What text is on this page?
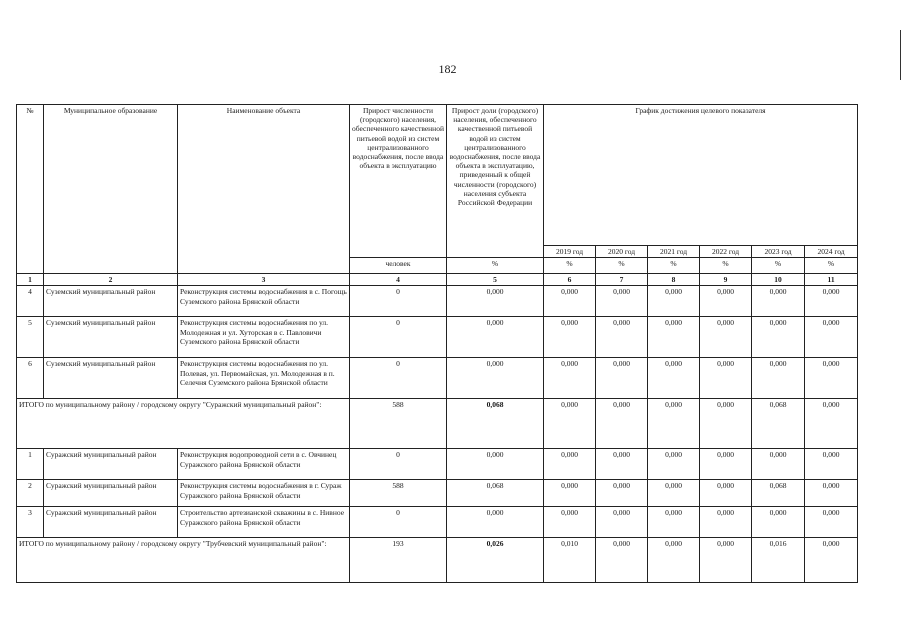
182
№	Муниципальное образование	Наименование объекта	Прирост численности (городского) населения, обеспеченного качественной питьевой водой из систем централизованного водоснабжения, после ввода объекта в эксплуатацию	Прирост доли (городского) населения, обеспеченного качественной питьевой водой из систем централизованного водоснабжения, после ввода объекта в эксплуатацию, приведенный к общей численности (городского) населения субъекта Российской Федерации	График достижения целевого показателя					
					2019 год	2020 год	2021 год	2022 год	2023 год	2024 год
			человек	%	%	%	%	%	%	%
1	2	3	4	5	6	7	8	9	10	11
4	Суземский муниципальный район	Реконструкция системы водоснабжения в с. Погощь Суземского района Брянской области	0	0,000	0,000	0,000	0,000	0,000	0,000	0,000
5	Суземский муниципальный район	Реконструкция системы водоснабжения по ул. Молодежная и ул. Хуторская в с. Павловичи Суземского района Брянской области	0	0,000	0,000	0,000	0,000	0,000	0,000	0,000
6	Суземский муниципальный район	Реконструкция системы водоснабжения по ул. Полевая, ул. Первомайская, ул. Молодежная в п. Селечня Суземского района Брянской области	0	0,000	0,000	0,000	0,000	0,000	0,000	0,000
ИТОГО по муниципальному району / городскому округу "Суражский муниципальный район":			588	0,068	0,000	0,000	0,000	0,000	0,068	0,000
1	Суражский муниципальный район	Реконструкция водопроводной сети в с. Овчинец Суражского района Брянской области	0	0,000	0,000	0,000	0,000	0,000	0,000	0,000
2	Суражский муниципальный район	Реконструкция системы водоснабжения в г. Сураж Суражского района Брянской области	588	0,068	0,000	0,000	0,000	0,000	0,068	0,000
3	Суражский муниципальный район	Строительство артезианской скважины в с. Нивное Суражского района Брянской области	0	0,000	0,000	0,000	0,000	0,000	0,000	0,000
ИТОГО по муниципальному району / городскому округу "Трубчевский муниципальный район":			193	0,026	0,010	0,000	0,000	0,000	0,016	0,000
